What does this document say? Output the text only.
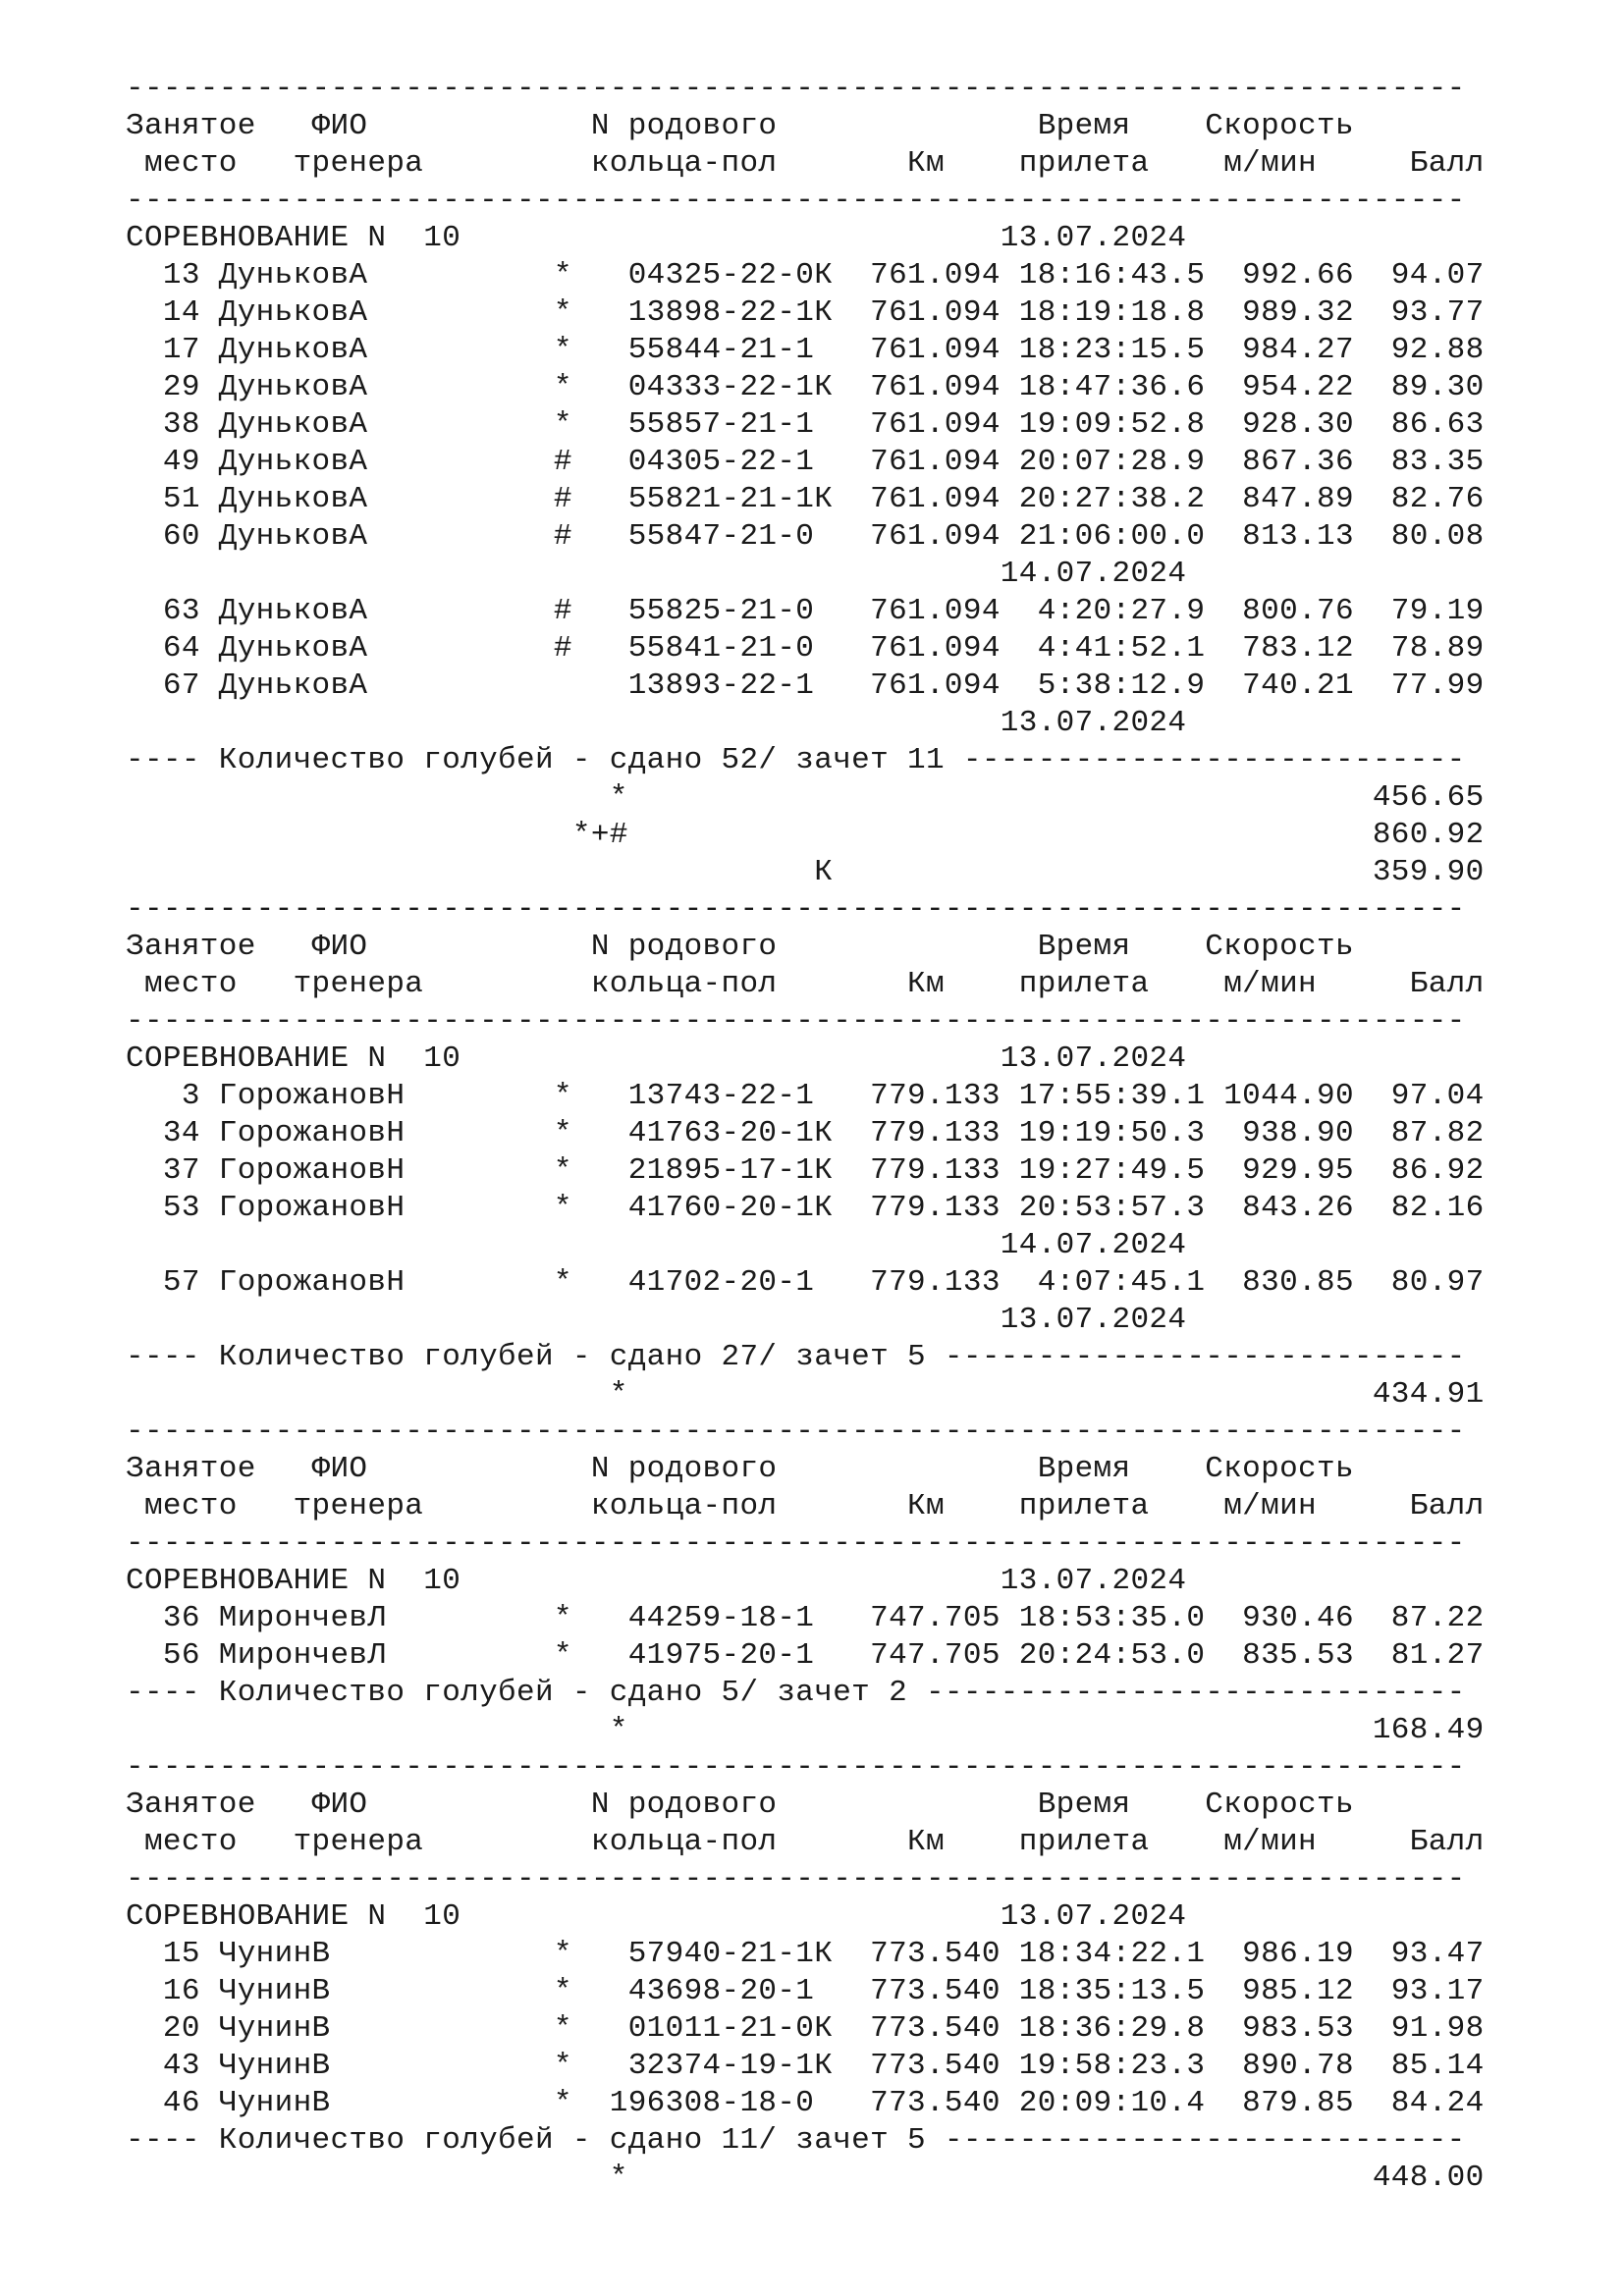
------------------------------------------------------------------------
Занятое   ФИО            N родового              Время    Скорость
место   тренера         кольца-пол       Км    прилета    м/мин     Балл
------------------------------------------------------------------------
СОРЕВНОВАНИЕ N  10                             13.07.2024
13 ДуньковА          *   04325-22-0К  761.094 18:16:43.5  992.66  94.07
14 ДуньковА          *   13898-22-1К  761.094 18:19:18.8  989.32  93.77
17 ДуньковА          *   55844-21-1   761.094 18:23:15.5  984.27  92.88
29 ДуньковА          *   04333-22-1К  761.094 18:47:36.6  954.22  89.30
38 ДуньковА          *   55857-21-1   761.094 19:09:52.8  928.30  86.63
49 ДуньковА          #   04305-22-1   761.094 20:07:28.9  867.36  83.35
51 ДуньковА          #   55821-21-1К  761.094 20:27:38.2  847.89  82.76
60 ДуньковА          #   55847-21-0   761.094 21:06:00.0  813.13  80.08
14.07.2024
63 ДуньковА          #   55825-21-0   761.094  4:20:27.9  800.76  79.19
64 ДуньковА          #   55841-21-0   761.094  4:41:52.1  783.12  78.89
67 ДуньковА              13893-22-1   761.094  5:38:12.9  740.21  77.99
13.07.2024
---- Количество голубей - сдано 52/ зачет 11 ---------------------------
*                                        456.65
*+#                                        860.92
К                             359.90
------------------------------------------------------------------------
Занятое   ФИО            N родового              Время    Скорость
место   тренера         кольца-пол       Км    прилета    м/мин     Балл
------------------------------------------------------------------------
СОРЕВНОВАНИЕ N  10                             13.07.2024
3 ГорожановН        *   13743-22-1   779.133 17:55:39.1 1044.90  97.04
34 ГорожановН        *   41763-20-1К  779.133 19:19:50.3  938.90  87.82
37 ГорожановН        *   21895-17-1К  779.133 19:27:49.5  929.95  86.92
53 ГорожановН        *   41760-20-1К  779.133 20:53:57.3  843.26  82.16
14.07.2024
57 ГорожановН        *   41702-20-1   779.133  4:07:45.1  830.85  80.97
13.07.2024
---- Количество голубей - сдано 27/ зачет 5 ----------------------------
*                                        434.91
------------------------------------------------------------------------
Занятое   ФИО            N родового              Время    Скорость
место   тренера         кольца-пол       Км    прилета    м/мин     Балл
------------------------------------------------------------------------
СОРЕВНОВАНИЕ N  10                             13.07.2024
36 МирончевЛ         *   44259-18-1   747.705 18:53:35.0  930.46  87.22
56 МирончевЛ         *   41975-20-1   747.705 20:24:53.0  835.53  81.27
---- Количество голубей - сдано 5/ зачет 2 -----------------------------
*                                        168.49
------------------------------------------------------------------------
Занятое   ФИО            N родового              Время    Скорость
место   тренера         кольца-пол       Км    прилета    м/мин     Балл
------------------------------------------------------------------------
СОРЕВНОВАНИЕ N  10                             13.07.2024
15 ЧунинВ            *   57940-21-1К  773.540 18:34:22.1  986.19  93.47
16 ЧунинВ            *   43698-20-1   773.540 18:35:13.5  985.12  93.17
20 ЧунинВ            *   01011-21-0К  773.540 18:36:29.8  983.53  91.98
43 ЧунинВ            *   32374-19-1К  773.540 19:58:23.3  890.78  85.14
46 ЧунинВ            *  196308-18-0   773.540 20:09:10.4  879.85  84.24
---- Количество голубей - сдано 11/ зачет 5 ----------------------------
*                                        448.00
